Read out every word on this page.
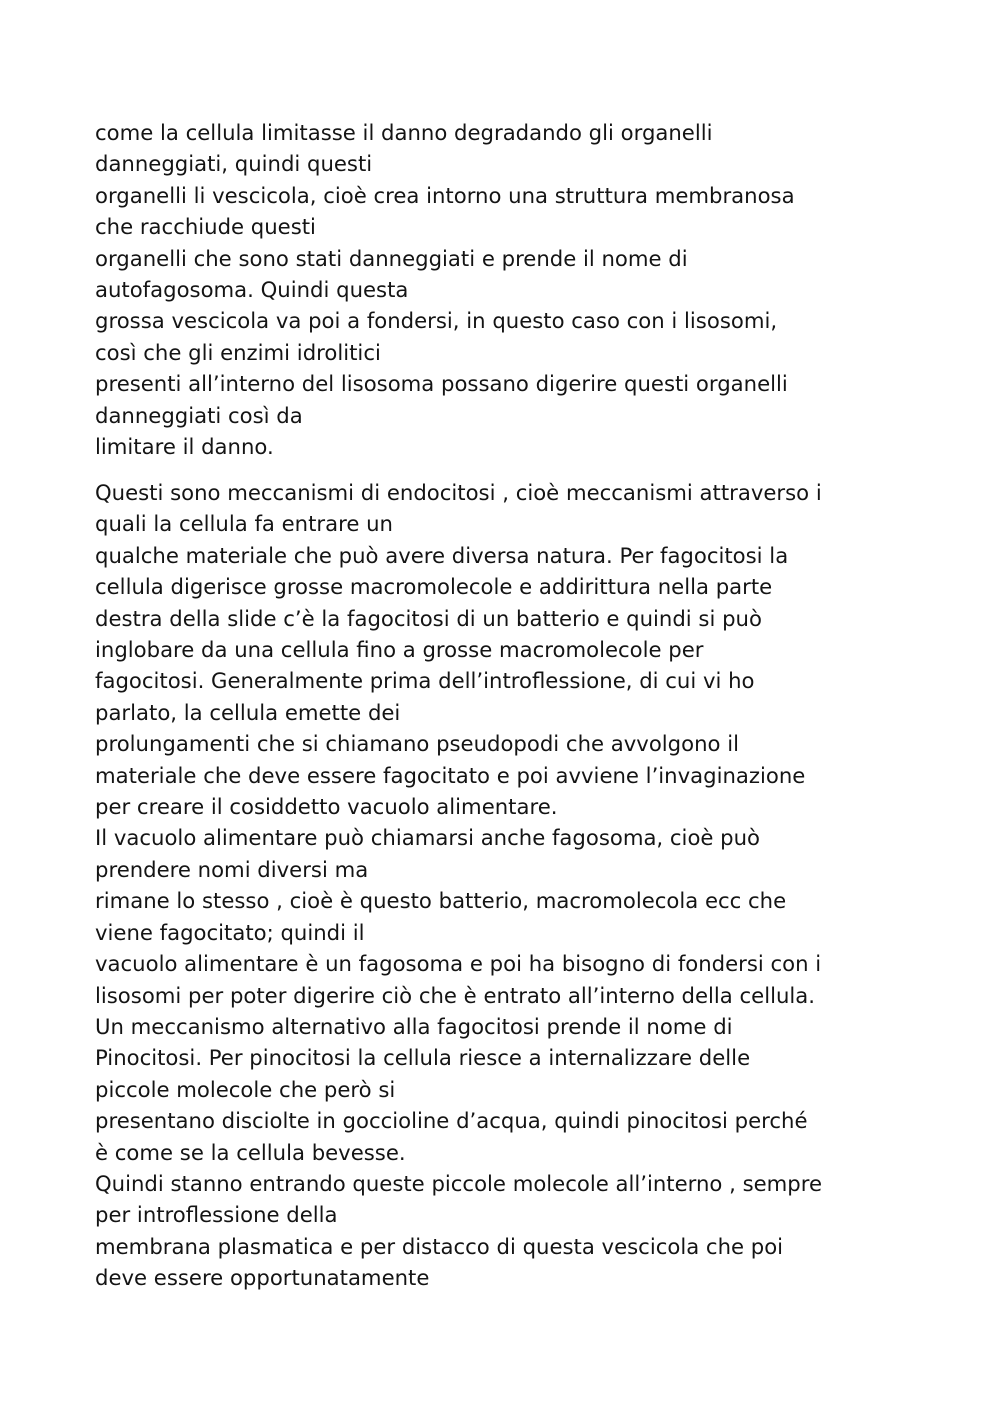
come la cellula limitasse il danno degradando gli organelli
danneggiati, quindi questi
organelli li vescicola, cioè crea intorno una struttura membranosa
che racchiude questi
organelli che sono stati danneggiati e prende il nome di
autofagosoma. Quindi questa
grossa vescicola va poi a fondersi, in questo caso con i lisosomi,
così che gli enzimi idrolitici
presenti all’interno del lisosoma possano digerire questi organelli
danneggiati così da
limitare il danno.
Questi sono meccanismi di endocitosi , cioè meccanismi attraverso i
quali la cellula fa entrare un
qualche materiale che può avere diversa natura. Per fagocitosi la
cellula digerisce grosse macromolecole e addirittura nella parte
destra della slide c’è la fagocitosi di un batterio e quindi si può
inglobare da una cellula fino a grosse macromolecole per
fagocitosi. Generalmente prima dell’introflessione, di cui vi ho
parlato, la cellula emette dei
prolungamenti che si chiamano pseudopodi che avvolgono il
materiale che deve essere fagocitato e poi avviene l’invaginazione
per creare il cosiddetto vacuolo alimentare.
Il vacuolo alimentare può chiamarsi anche fagosoma, cioè può
prendere nomi diversi ma
rimane lo stesso , cioè è questo batterio, macromolecola ecc che
viene fagocitato; quindi il
vacuolo alimentare è un fagosoma e poi ha bisogno di fondersi con i
lisosomi per poter digerire ciò che è entrato all’interno della cellula.
Un meccanismo alternativo alla fagocitosi prende il nome di
Pinocitosi. Per pinocitosi la cellula riesce a internalizzare delle
piccole molecole che però si
presentano disciolte in goccioline d’acqua, quindi pinocitosi perché
è come se la cellula bevesse.
Quindi stanno entrando queste piccole molecole all’interno , sempre
per introflessione della
membrana plasmatica e per distacco di questa vescicola che poi
deve essere opportunatamente
